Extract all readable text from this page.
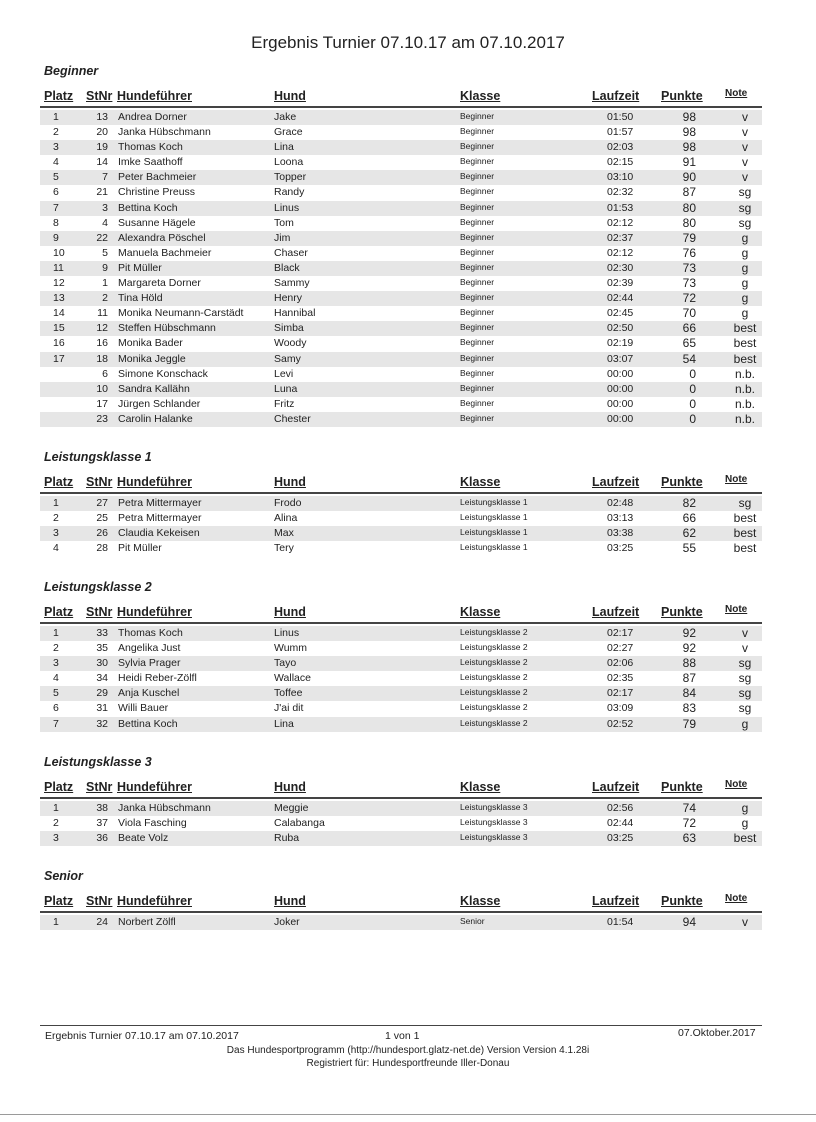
Ergebnis Turnier 07.10.17 am 07.10.2017
Beginner
Platz StNr Hundeführer	Hund	Klasse	Laufzeit Punkte Note
1	13 Andrea Dorner	Jake	Beginner	01:50	98	v
2	20 Janka Hübschmann	Grace	Beginner	01:57	98	v
3	19 Thomas Koch	Lina	Beginner	02:03	98	v
4	14 Imke Saathoff	Loona	Beginner	02:15	91	v
5	7 Peter Bachmeier	Topper	Beginner	03:10	90	v
6	21 Christine Preuss	Randy	Beginner	02:32	87	sg
7	3 Bettina Koch	Linus	Beginner	01:53	80	sg
8	4 Susanne Hägele	Tom	Beginner	02:12	80	sg
9	22 Alexandra Pöschel	Jim	Beginner	02:37	79	g
10	5 Manuela Bachmeier	Chaser	Beginner	02:12	76	g
11	9 Pit Müller	Black	Beginner	02:30	73	g
12	1 Margareta Dorner	Sammy	Beginner	02:39	73	g
13	2 Tina Höld	Henry	Beginner	02:44	72	g
14	11 Monika Neumann-Carstädt	Hannibal	Beginner	02:45	70	g
15	12 Steffen Hübschmann	Simba	Beginner	02:50	66	best
16	16 Monika Bader	Woody	Beginner	02:19	65	best
17	18 Monika Jeggle	Samy	Beginner	03:07	54	best
6 Simone Konschack	Levi	Beginner	00:00	0	n.b.
10 Sandra Kallähn	Luna	Beginner	00:00	0	n.b.
17 Jürgen Schlander	Fritz	Beginner	00:00	0	n.b.
23 Carolin Halanke	Chester	Beginner	00:00	0	n.b.
Leistungsklasse 1
Platz StNr Hundeführer	Hund	Klasse	Laufzeit Punkte Note
1	27 Petra Mittermayer	Frodo	Leistungsklasse 1	02:48	82	sg
2	25 Petra Mittermayer	Alina	Leistungsklasse 1	03:13	66	best
3	26 Claudia Kekeisen	Max	Leistungsklasse 1	03:38	62	best
4	28 Pit Müller	Tery	Leistungsklasse 1	03:25	55	best
Leistungsklasse 2
Platz StNr Hundeführer	Hund	Klasse	Laufzeit Punkte Note
1	33 Thomas Koch	Linus	Leistungsklasse 2	02:17	92	v
2	35 Angelika Just	Wumm	Leistungsklasse 2	02:27	92	v
3	30 Sylvia Prager	Tayo	Leistungsklasse 2	02:06	88	sg
4	34 Heidi Reber-Zölfl	Wallace	Leistungsklasse 2	02:35	87	sg
5	29 Anja Kuschel	Toffee	Leistungsklasse 2	02:17	84	sg
6	31 Willi Bauer	J'ai dit	Leistungsklasse 2	03:09	83	sg
7	32 Bettina Koch	Lina	Leistungsklasse 2	02:52	79	g
Leistungsklasse 3
Platz StNr Hundeführer	Hund	Klasse	Laufzeit Punkte Note
1	38 Janka Hübschmann	Meggie	Leistungsklasse 3	02:56	74	g
2	37 Viola Fasching	Calabanga	Leistungsklasse 3	02:44	72	g
3	36 Beate Volz	Ruba	Leistungsklasse 3	03:25	63	best
Senior
Platz StNr Hundeführer	Hund	Klasse	Laufzeit Punkte Note
1	24 Norbert Zölfl	Joker	Senior	01:54	94	v
Ergebnis Turnier 07.10.17 am 07.10.2017	1 von 1	07.Oktober.2017
Das Hundesportprogramm (http://hundesport.glatz-net.de) Version Version 4.1.28i
Registriert für: Hundesportfreunde Iller-Donau
